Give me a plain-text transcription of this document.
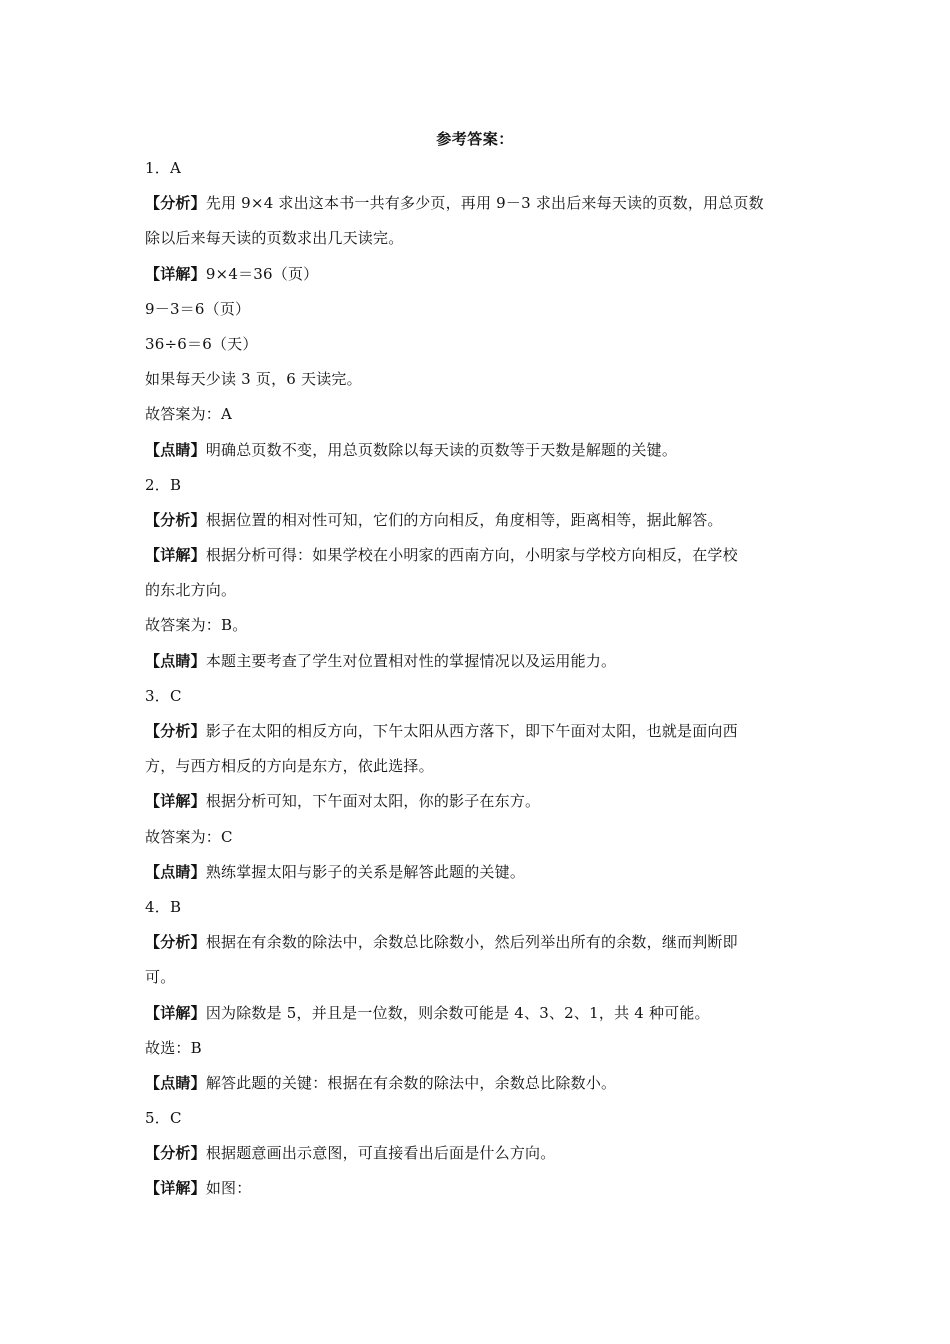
参考答案：
1．A
【分析】先用 9×4 求出这本书一共有多少页，再用 9－3 求出后来每天读的页数，用总页数
除以后来每天读的页数求出几天读完。
【详解】9×4＝36（页）
9－3＝6（页）
36÷6＝6（天）
如果每天少读 3 页，6 天读完。
故答案为：A
【点睛】明确总页数不变，用总页数除以每天读的页数等于天数是解题的关键。
2．B
【分析】根据位置的相对性可知，它们的方向相反，角度相等，距离相等，据此解答。
【详解】根据分析可得：如果学校在小明家的西南方向，小明家与学校方向相反，在学校
的东北方向。
故答案为：B。
【点睛】本题主要考查了学生对位置相对性的掌握情况以及运用能力。
3．C
【分析】影子在太阳的相反方向，下午太阳从西方落下，即下午面对太阳，也就是面向西
方，与西方相反的方向是东方，依此选择。
【详解】根据分析可知，下午面对太阳，你的影子在东方。
故答案为：C
【点睛】熟练掌握太阳与影子的关系是解答此题的关键。
4．B
【分析】根据在有余数的除法中，余数总比除数小，然后列举出所有的余数，继而判断即
可。
【详解】因为除数是 5，并且是一位数，则余数可能是 4、3、2、1，共 4 种可能。
故选：B
【点睛】解答此题的关键：根据在有余数的除法中，余数总比除数小。
5．C
【分析】根据题意画出示意图，可直接看出后面是什么方向。
【详解】如图：
